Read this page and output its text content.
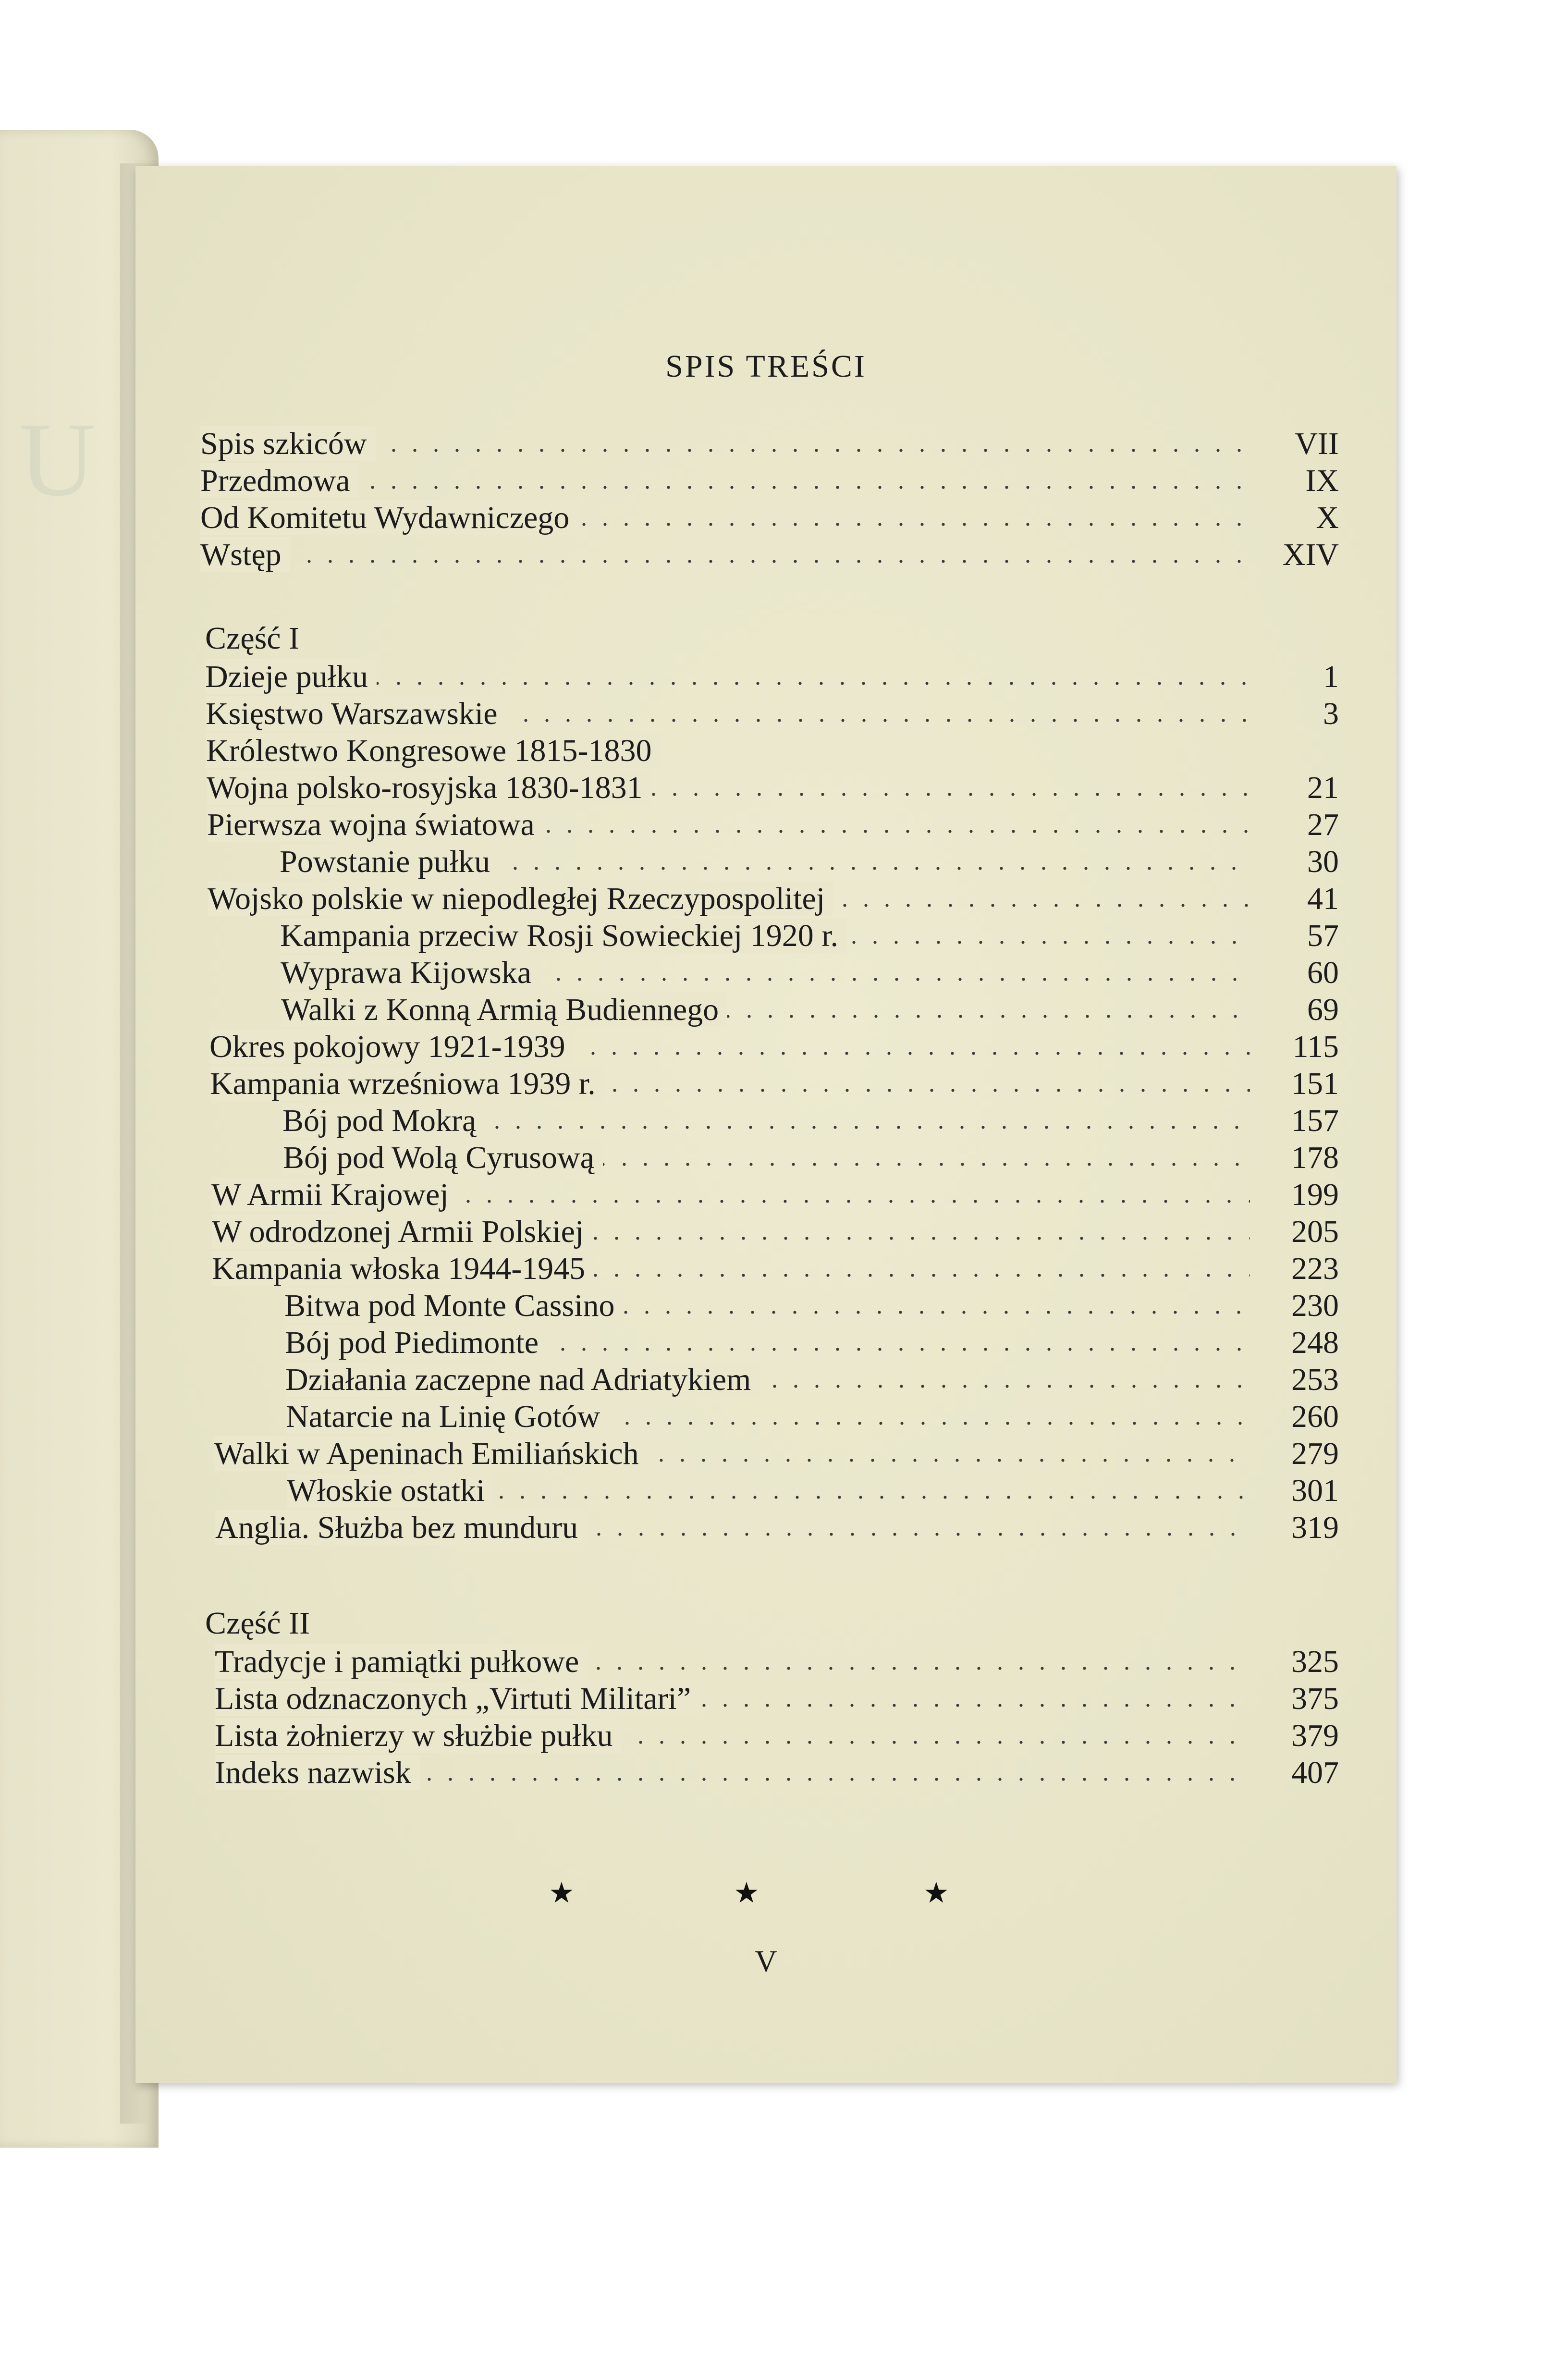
U
SPIS TREŚCI
Część I
Część II
★	★	★
V
. . .
Spis szkiców	VII
. . .
Przedmowa	IX
. . .
Od Komitetu Wydawniczego	X
. . .
Wstęp	XIV
. . .
Dzieje pułku	1
. . .
Księstwo Warszawskie	3
Królestwo Kongresowe 1815-1830
. . .
Wojna polsko-rosyjska 1830-1831	21
. . .
Pierwsza wojna światowa	27
. . .
Powstanie pułku	30
. . .
Wojsko polskie w niepodległej Rzeczypospolitej	41
. . .
Kampania przeciw Rosji Sowieckiej 1920 r.	57
. . .
Wyprawa Kijowska	60
. . .
Walki z Konną Armią Budiennego	69
. . .
Okres pokojowy 1921-1939	115
. . .
Kampania wrześniowa 1939 r.	151
. . .
Bój pod Mokrą	157
. . .
Bój pod Wolą Cyrusową	178
. . .
W Armii Krajowej	199
. . .
W odrodzonej Armii Polskiej	205
. . .
Kampania włoska 1944-1945	223
. . .
Bitwa pod Monte Cassino	230
. . .
Bój pod Piedimonte	248
. . .
Działania zaczepne nad Adriatykiem	253
. . .
Natarcie na Linię Gotów	260
. . .
Walki w Apeninach Emiliańskich	279
. . .
Włoskie ostatki	301
. . .
Anglia. Służba bez munduru	319
. . .
Tradycje i pamiątki pułkowe	325
. . .
Lista odznaczonych „Virtuti Militari”	375
. . .
Lista żołnierzy w służbie pułku	379
. . .
Indeks nazwisk	407
